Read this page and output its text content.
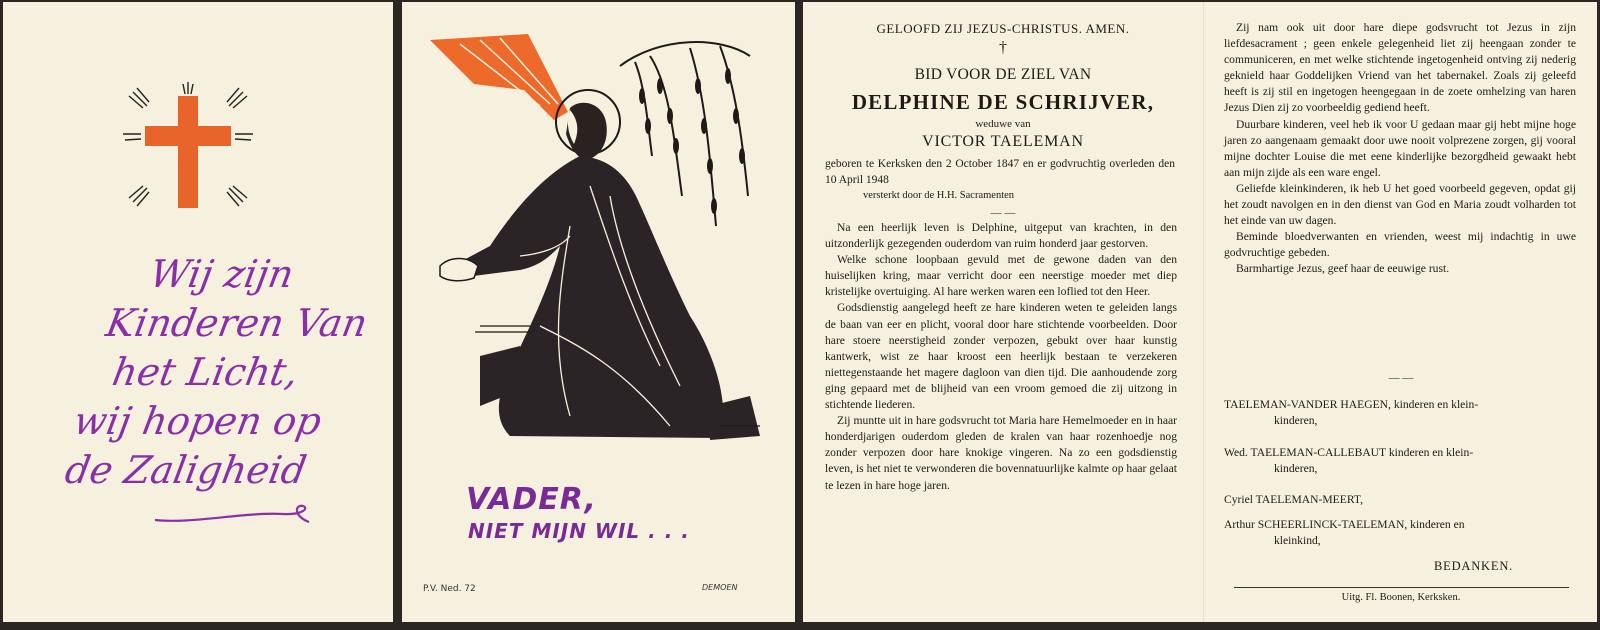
Wij zijn
Kinderen Van
het Licht,
wij hopen op
de Zaligheid
VADER,
NIET MIJN WIL . . .
P.V. Ned. 72	DEMOEN
GELOOFD ZIJ JEZUS-CHRISTUS. AMEN.
†
BID VOOR DE ZIEL VAN
DELPHINE DE SCHRIJVER,
weduwe van
VICTOR TAELEMAN
geboren te Kerksken den 2 October 1847 en er godvruchtig overleden den 10 April 1948
versterkt door de H.H. Sacramenten
— —

Na een heerlijk leven is Delphine, uitgeput van krachten, in den uitzonderlijk gezegenden ouderdom van ruim honderd jaar gestorven.

Welke schone loopbaan gevuld met de gewone daden van den huiselijken kring, maar verricht door een neerstige moeder met diep kristelijke overtuiging. Al hare werken waren een loflied tot den Heer.

Godsdienstig aangelegd heeft ze hare kinderen weten te geleiden langs de baan van eer en plicht, vooral door hare stichtende voorbeelden. Door hare stoere neerstigheid zonder verpozen, gebukt over haar kunstig kantwerk, wist ze haar kroost een heerlijk bestaan te verzekeren niettegenstaande het magere dagloon van dien tijd. Die aanhoudende zorg ging gepaard met de blijheid van een vroom gemoed die zij uitzong in stichtende liederen.

Zij muntte uit in hare godsvrucht tot Maria hare Hemelmoeder en in haar honderdjarigen ouderdom gleden de kralen van haar rozenhoedje nog zonder verpozen door hare knokige vingeren. Na zo een godsdienstig leven, is het niet te verwonderen die bovennatuurlijke kalmte op haar gelaat te lezen in hare hoge jaren.

Zij nam ook uit door hare diepe godsvrucht tot Jezus in zijn liefdesacrament ; geen enkele gelegenheid liet zij heengaan zonder te communiceren, en met welke stichtende ingetogenheid ontving zij nederig geknield haar Goddelijken Vriend van het tabernakel. Zoals zij geleefd heeft is zij stil en ingetogen heengegaan in de zoete omhelzing van haren Jezus Dien zij zo voorbeeldig gediend heeft.

Duurbare kinderen, veel heb ik voor U gedaan maar gij hebt mijne hoge jaren zo aangenaam gemaakt door uwe nooit volprezene zorgen, gij vooral mijne dochter Louise die met eene kinderlijke bezorgdheid gewaakt hebt aan mijn zijde als een ware engel.

Geliefde kleinkinderen, ik heb U het goed voorbeeld gegeven, opdat gij het zoudt navolgen en in den dienst van God en Maria zoudt volharden tot het einde van uw dagen.

Beminde bloedverwanten en vrienden, weest mij indachtig in uwe godvruchtige gebeden.

Barmhartige Jezus, geef haar de eeuwige rust.

— —
TAELEMAN-VANDER HAEGEN, kinderen en klein-
kinderen,
Wed. TAELEMAN-CALLEBAUT kinderen en klein-
kinderen,
Cyriel TAELEMAN-MEERT,
Arthur SCHEERLINCK-TAELEMAN, kinderen en
kleinkind,
BEDANKEN.
Uitg. Fl. Boonen, Kerksken.
